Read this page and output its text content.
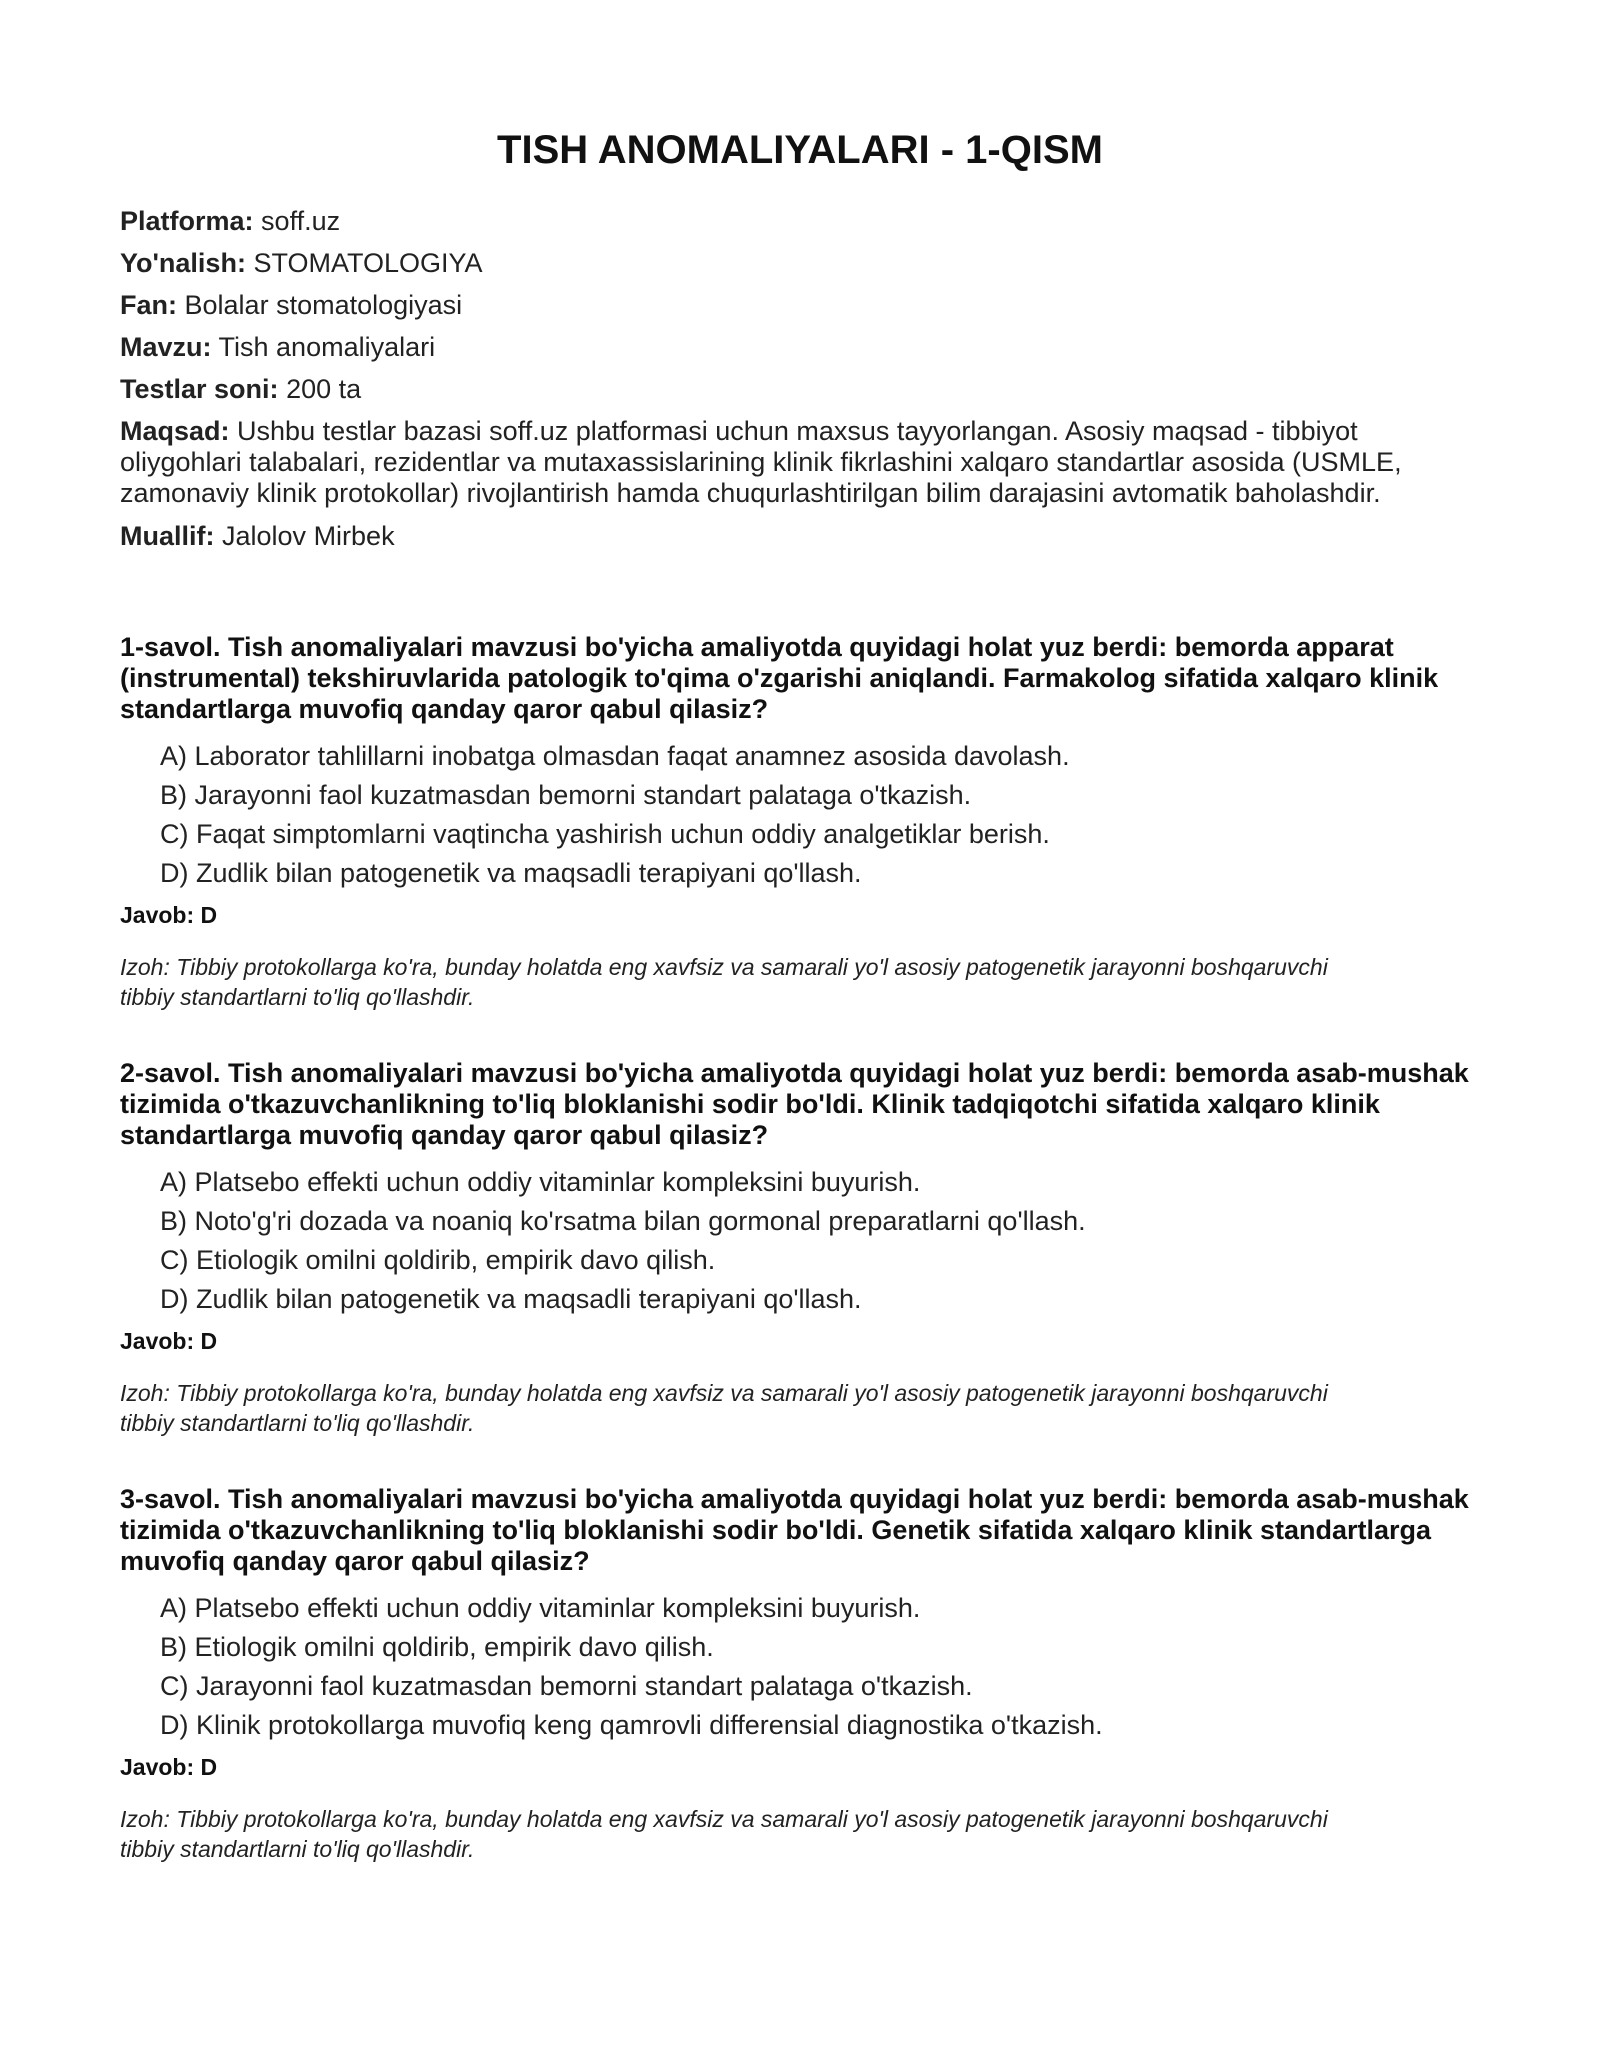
TISH ANOMALIYALARI - 1-QISM

Platforma: soff.uz

Yo'nalish: STOMATOLOGIYA

Fan: Bolalar stomatologiyasi

Mavzu: Tish anomaliyalari

Testlar soni: 200 ta

Maqsad: Ushbu testlar bazasi soff.uz platformasi uchun maxsus tayyorlangan. Asosiy maqsad - tibbiyot oliygohlari talabalari, rezidentlar va mutaxassislarining klinik fikrlashini xalqaro standartlar asosida (USMLE, zamonaviy klinik protokollar) rivojlantirish hamda chuqurlashtirilgan bilim darajasini avtomatik baholashdir.

Muallif: Jalolov Mirbek

1-savol. Tish anomaliyalari mavzusi bo'yicha amaliyotda quyidagi holat yuz berdi: bemorda apparat (instrumental) tekshiruvlarida patologik to'qima o'zgarishi aniqlandi. Farmakolog sifatida xalqaro klinik standartlarga muvofiq qanday qaror qabul qilasiz?

A) Laborator tahlillarni inobatga olmasdan faqat anamnez asosida davolash.
B) Jarayonni faol kuzatmasdan bemorni standart palataga o'tkazish.
C) Faqat simptomlarni vaqtincha yashirish uchun oddiy analgetiklar berish.
D) Zudlik bilan patogenetik va maqsadli terapiyani qo'llash.

Javob: D

Izoh: Tibbiy protokollarga ko'ra, bunday holatda eng xavfsiz va samarali yo'l asosiy patogenetik jarayonni boshqaruvchi tibbiy standartlarni to'liq qo'llashdir.

2-savol. Tish anomaliyalari mavzusi bo'yicha amaliyotda quyidagi holat yuz berdi: bemorda asab-mushak tizimida o'tkazuvchanlikning to'liq bloklanishi sodir bo'ldi. Klinik tadqiqotchi sifatida xalqaro klinik standartlarga muvofiq qanday qaror qabul qilasiz?

A) Platsebo effekti uchun oddiy vitaminlar kompleksini buyurish.
B) Noto'g'ri dozada va noaniq ko'rsatma bilan gormonal preparatlarni qo'llash.
C) Etiologik omilni qoldirib, empirik davo qilish.
D) Zudlik bilan patogenetik va maqsadli terapiyani qo'llash.

Javob: D

Izoh: Tibbiy protokollarga ko'ra, bunday holatda eng xavfsiz va samarali yo'l asosiy patogenetik jarayonni boshqaruvchi tibbiy standartlarni to'liq qo'llashdir.

3-savol. Tish anomaliyalari mavzusi bo'yicha amaliyotda quyidagi holat yuz berdi: bemorda asab-mushak tizimida o'tkazuvchanlikning to'liq bloklanishi sodir bo'ldi. Genetik sifatida xalqaro klinik standartlarga muvofiq qanday qaror qabul qilasiz?

A) Platsebo effekti uchun oddiy vitaminlar kompleksini buyurish.
B) Etiologik omilni qoldirib, empirik davo qilish.
C) Jarayonni faol kuzatmasdan bemorni standart palataga o'tkazish.
D) Klinik protokollarga muvofiq keng qamrovli differensial diagnostika o'tkazish.

Javob: D

Izoh: Tibbiy protokollarga ko'ra, bunday holatda eng xavfsiz va samarali yo'l asosiy patogenetik jarayonni boshqaruvchi tibbiy standartlarni to'liq qo'llashdir.
